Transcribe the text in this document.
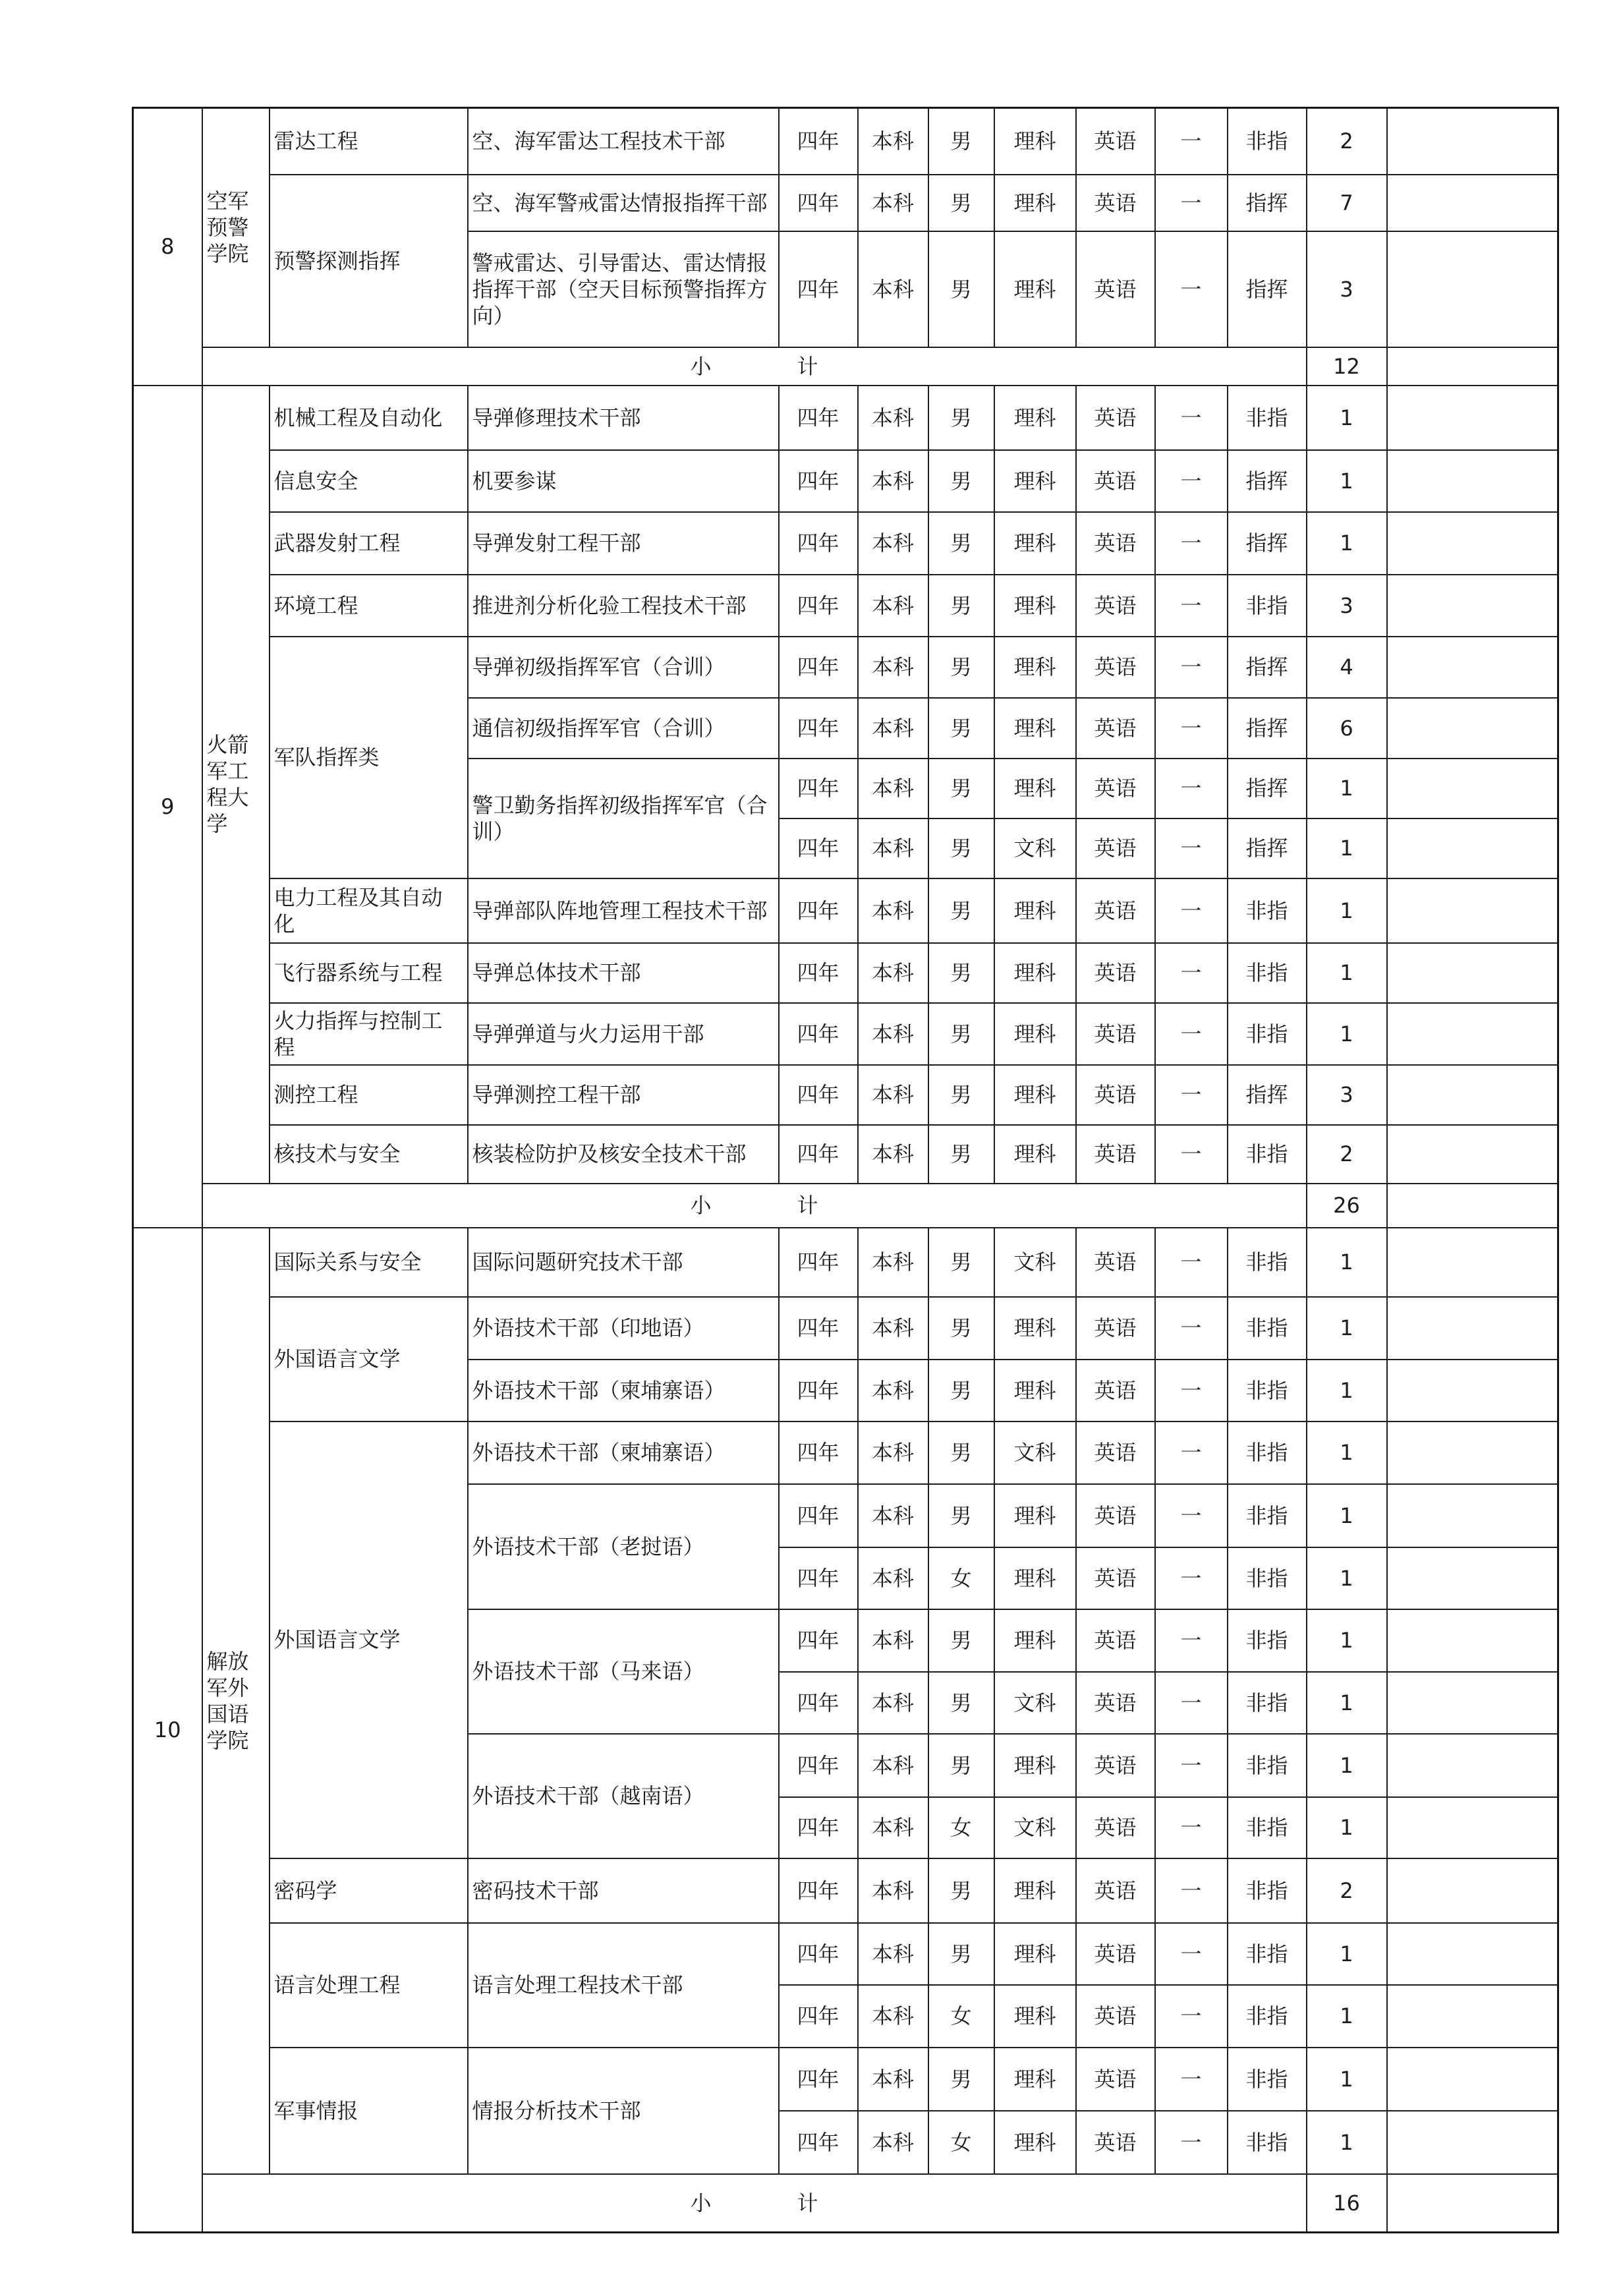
8	空军预警学院	雷达工程	空、海军雷达工程技术干部	四年	本科	男	理科	英语	一	非指	2	
		预警探测指挥	空、海军警戒雷达情报指挥干部	四年	本科	男	理科	英语	一	指挥	7	
			警戒雷达、引导雷达、雷达情报指挥干部（空天目标预警指挥方向）	四年	本科	男	理科	英语	一	指挥	3	
	小计										12	
9	火箭军工程大学	机械工程及自动化	导弹修理技术干部	四年	本科	男	理科	英语	一	非指	1	
		信息安全	机要参谋	四年	本科	男	理科	英语	一	指挥	1	
		武器发射工程	导弹发射工程干部	四年	本科	男	理科	英语	一	指挥	1	
		环境工程	推进剂分析化验工程技术干部	四年	本科	男	理科	英语	一	非指	3	
		军队指挥类	导弹初级指挥军官（合训）	四年	本科	男	理科	英语	一	指挥	4	
			通信初级指挥军官（合训）	四年	本科	男	理科	英语	一	指挥	6	
			警卫勤务指挥初级指挥军官（合训）	四年	本科	男	理科	英语	一	指挥	1	
				四年	本科	男	文科	英语	一	指挥	1	
		电力工程及其自动化	导弹部队阵地管理工程技术干部	四年	本科	男	理科	英语	一	非指	1	
		飞行器系统与工程	导弹总体技术干部	四年	本科	男	理科	英语	一	非指	1	
		火力指挥与控制工程	导弹弹道与火力运用干部	四年	本科	男	理科	英语	一	非指	1	
		测控工程	导弹测控工程干部	四年	本科	男	理科	英语	一	指挥	3	
		核技术与安全	核装检防护及核安全技术干部	四年	本科	男	理科	英语	一	非指	2	
	小计										26	
10	解放军外国语学院	国际关系与安全	国际问题研究技术干部	四年	本科	男	文科	英语	一	非指	1	
		外国语言文学	外语技术干部（印地语）	四年	本科	男	理科	英语	一	非指	1	
			外语技术干部（柬埔寨语）	四年	本科	男	理科	英语	一	非指	1	
		外国语言文学	外语技术干部（柬埔寨语）	四年	本科	男	文科	英语	一	非指	1	
			外语技术干部（老挝语）	四年	本科	男	理科	英语	一	非指	1	
				四年	本科	女	理科	英语	一	非指	1	
			外语技术干部（马来语）	四年	本科	男	理科	英语	一	非指	1	
				四年	本科	男	文科	英语	一	非指	1	
			外语技术干部（越南语）	四年	本科	男	理科	英语	一	非指	1	
				四年	本科	女	文科	英语	一	非指	1	
		密码学	密码技术干部	四年	本科	男	理科	英语	一	非指	2	
		语言处理工程	语言处理工程技术干部	四年	本科	男	理科	英语	一	非指	1	
				四年	本科	女	理科	英语	一	非指	1	
		军事情报	情报分析技术干部	四年	本科	男	理科	英语	一	非指	1	
				四年	本科	女	理科	英语	一	非指	1	
	小计										16	
